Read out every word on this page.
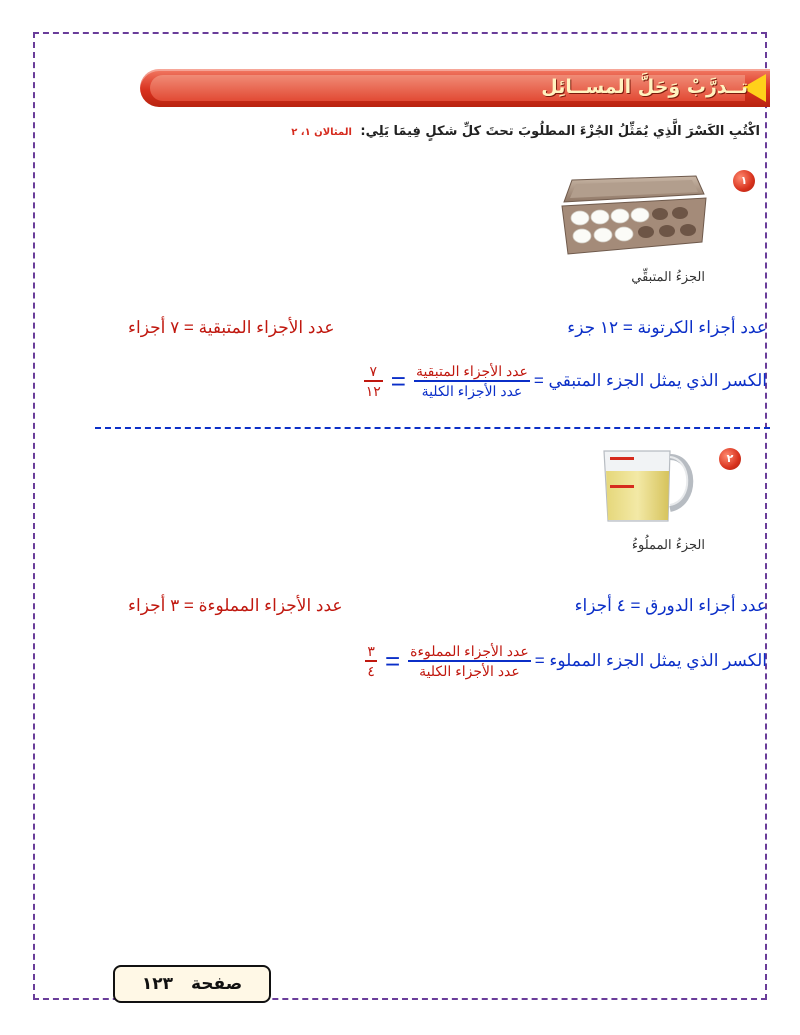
تــدرَّبْ وَحَلَّ المســائِل
اكْتُبِ الكَسْرَ الَّذِي يُمَثِّلُ الجُزْءَ المطلُوبَ تحتَ كلِّ شكلٍ فِيمَا يَلِي: المثالان ١، ٢
١
الجزءُ المتبقِّي
عدد أجزاء الكرتونة = ١٢ جزء
عدد الأجزاء المتبقية = ٧ أجزاء
الكسر الذي يمثل الجزء المتبقي =
$\frac{\text{عدد الأجزاء المتبقية}}{\text{عدد الأجزاء الكلية}}$
=
$\frac{٧}{١٢}$
٢
الجزءُ المملُوءُ
عدد أجزاء الدورق = ٤ أجزاء
عدد الأجزاء المملوءة = ٣ أجزاء
الكسر الذي يمثل الجزء المملوء =
$\frac{\text{عدد الأجزاء المملوءة}}{\text{عدد الأجزاء الكلية}}$
=
$\frac{٣}{٤}$
صفحة١٢٣
